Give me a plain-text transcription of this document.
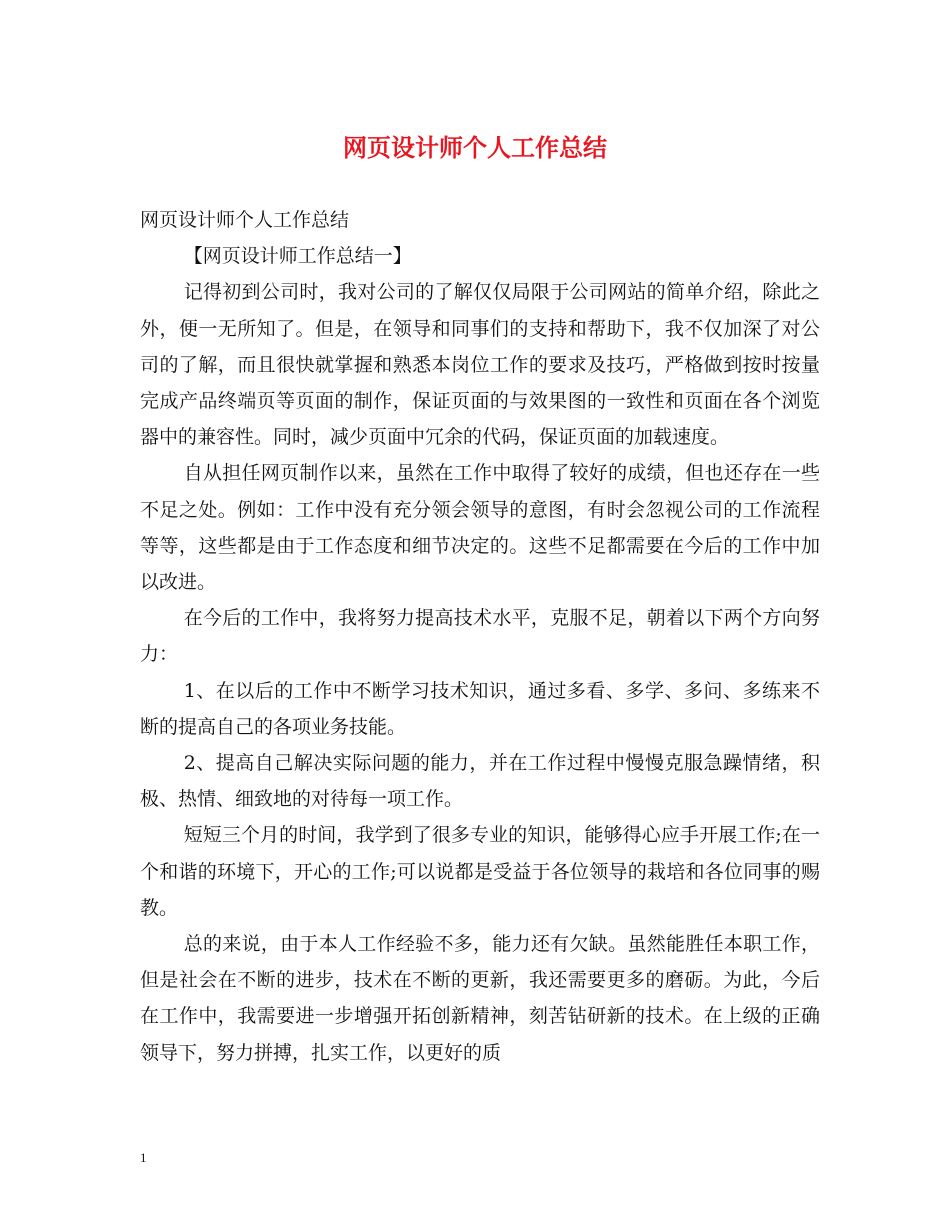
网页设计师个人工作总结

网页设计师个人工作总结

【网页设计师工作总结一】

记得初到公司时，我对公司的了解仅仅局限于公司网站的简单介绍，除此之外，便一无所知了。但是，在领导和同事们的支持和帮助下，我不仅加深了对公司的了解，而且很快就掌握和熟悉本岗位工作的要求及技巧，严格做到按时按量完成产品终端页等页面的制作，保证页面的与效果图的一致性和页面在各个浏览器中的兼容性。同时，减少页面中冗余的代码，保证页面的加载速度。

自从担任网页制作以来，虽然在工作中取得了较好的成绩，但也还存在一些不足之处。例如：工作中没有充分领会领导的意图，有时会忽视公司的工作流程等等，这些都是由于工作态度和细节决定的。这些不足都需要在今后的工作中加以改进。

在今后的工作中，我将努力提高技术水平，克服不足，朝着以下两个方向努力：

1、在以后的工作中不断学习技术知识，通过多看、多学、多问、多练来不断的提高自己的各项业务技能。

2、提高自己解决实际问题的能力，并在工作过程中慢慢克服急躁情绪，积极、热情、细致地的对待每一项工作。

短短三个月的时间，我学到了很多专业的知识，能够得心应手开展工作;在一个和谐的环境下，开心的工作;可以说都是受益于各位领导的栽培和各位同事的赐教。

总的来说，由于本人工作经验不多，能力还有欠缺。虽然能胜任本职工作，但是社会在不断的进步，技术在不断的更新，我还需要更多的磨砺。为此，今后在工作中，我需要进一步增强开拓创新精神，刻苦钻研新的技术。在上级的正确领导下，努力拼搏，扎实工作，以更好的质

1
